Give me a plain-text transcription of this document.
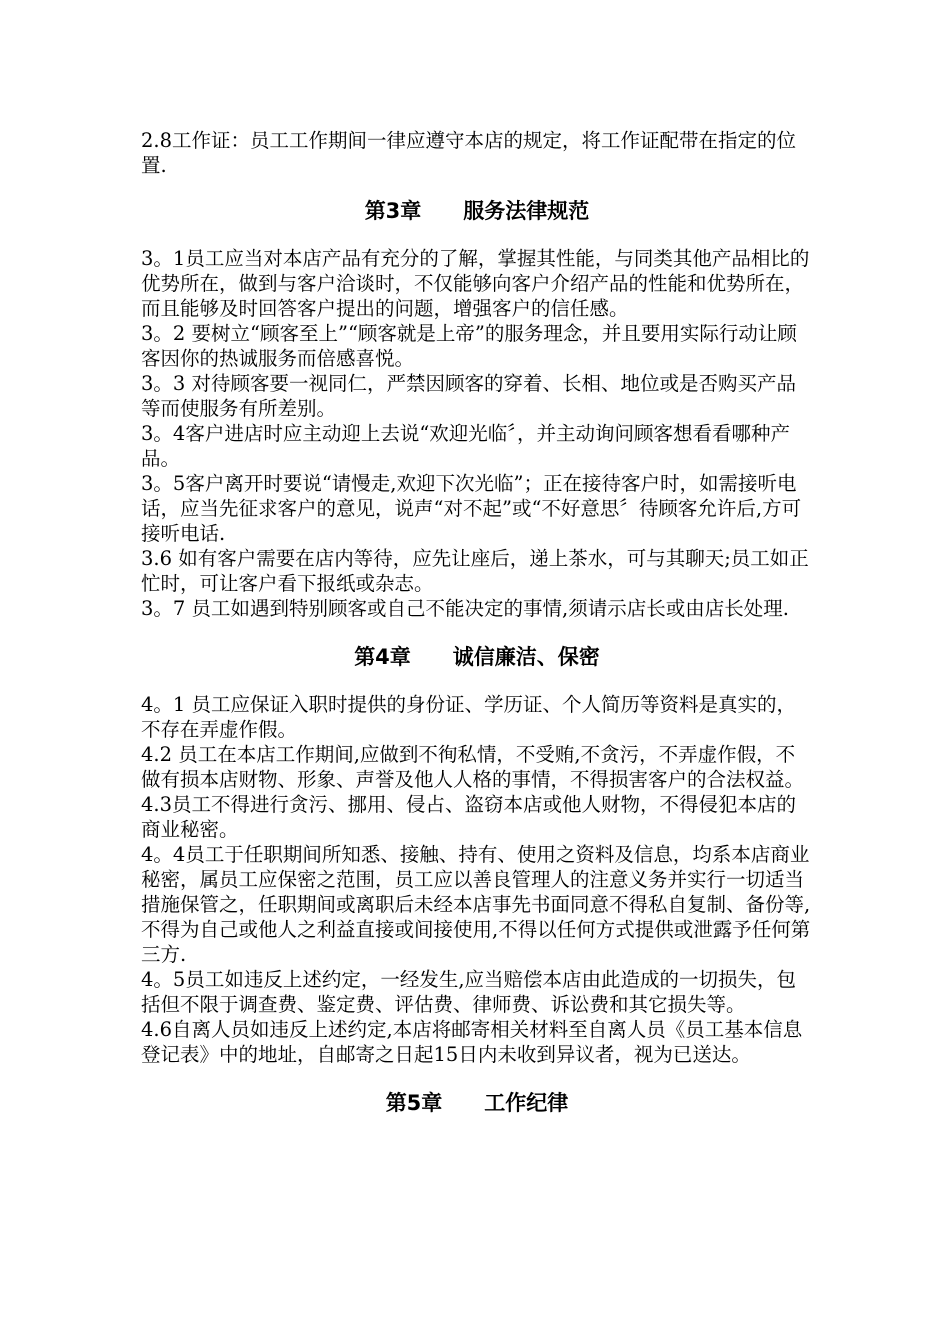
2.8工作证：员工工作期间一律应遵守本店的规定，将工作证配带在指定的位置.

第3章　　服务法律规范

3。1员工应当对本店产品有充分的了解，掌握其性能，与同类其他产品相比的优势所在，做到与客户洽谈时，不仅能够向客户介绍产品的性能和优势所在，而且能够及时回答客户提出的问题，增强客户的信任感。

3。2 要树立“顾客至上”“顾客就是上帝”的服务理念，并且要用实际行动让顾客因你的热诚服务而倍感喜悦。

3。3 对待顾客要一视同仁，严禁因顾客的穿着、长相、地位或是否购买产品等而使服务有所差别。

3。4客户进店时应主动迎上去说“欢迎光临〞，并主动询问顾客想看看哪种产品。

3。5客户离开时要说“请慢走,欢迎下次光临”；正在接待客户时，如需接听电话，应当先征求客户的意见，说声“对不起”或“不好意思〞待顾客允许后,方可接听电话.

3.6 如有客户需要在店内等待，应先让座后，递上茶水，可与其聊天;员工如正忙时，可让客户看下报纸或杂志。

3。7 员工如遇到特别顾客或自己不能决定的事情,须请示店长或由店长处理.

第4章　　诚信廉洁、保密

4。1 员工应保证入职时提供的身份证、学历证、个人简历等资料是真实的，不存在弄虚作假。

4.2 员工在本店工作期间,应做到不徇私情，不受贿,不贪污，不弄虚作假，不做有损本店财物、形象、声誉及他人人格的事情，不得损害客户的合法权益。

4.3员工不得进行贪污、挪用、侵占、盗窃本店或他人财物，不得侵犯本店的商业秘密。

4。4员工于任职期间所知悉、接触、持有、使用之资料及信息，均系本店商业秘密，属员工应保密之范围，员工应以善良管理人的注意义务并实行一切适当措施保管之，任职期间或离职后未经本店事先书面同意不得私自复制、备份等,不得为自己或他人之利益直接或间接使用,不得以任何方式提供或泄露予任何第三方.

4。5员工如违反上述约定，一经发生,应当赔偿本店由此造成的一切损失，包括但不限于调查费、鉴定费、评估费、律师费、诉讼费和其它损失等。

4.6自离人员如违反上述约定,本店将邮寄相关材料至自离人员《员工基本信息登记表》中的地址，自邮寄之日起15日内未收到异议者，视为已送达。

第5章　　工作纪律
